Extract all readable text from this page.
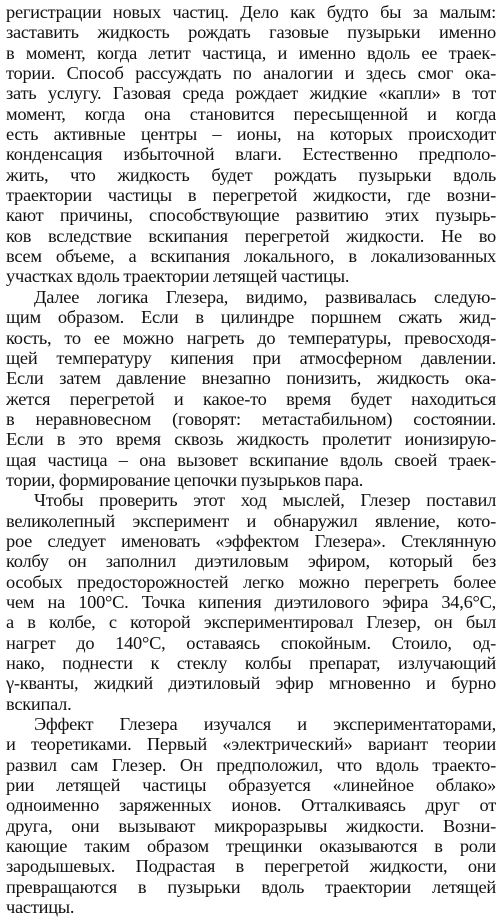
регистрации новых частиц. Дело как будто бы за малым:
заставить жидкость рождать газовые пузырьки именно
в момент, когда летит частица, и именно вдоль ее траек-
тории. Способ рассуждать по аналогии и здесь смог ока-
зать услугу. Газовая среда рождает жидкие «капли» в тот
момент, когда она становится пересыщенной и когда
есть активные центры – ионы, на которых происходит
конденсация избыточной влаги. Естественно предполо-
жить, что жидкость будет рождать пузырьки вдоль
траектории частицы в перегретой жидкости, где возни-
кают причины, способствующие развитию этих пузырь-
ков вследствие вскипания перегретой жидкости. Не во
всем объеме, а вскипания локального, в локализованных
участках вдоль траектории летящей частицы.

Далее логика Глезера, видимо, развивалась следую-
щим образом. Если в цилиндре поршнем сжать жид-
кость, то ее можно нагреть до температуры, превосходя-
щей температуру кипения при атмосферном давлении.
Если затем давление внезапно понизить, жидкость ока-
жется перегретой и какое-то время будет находиться
в неравновесном (говорят: метастабильном) состоянии.
Если в это время сквозь жидкость пролетит ионизирую-
щая частица – она вызовет вскипание вдоль своей траек-
тории, формирование цепочки пузырьков пара.

Чтобы проверить этот ход мыслей, Глезер поставил
великолепный эксперимент и обнаружил явление, кото-
рое следует именовать «эффектом Глезера». Стеклянную
колбу он заполнил диэтиловым эфиром, который без
особых предосторожностей легко можно перегреть более
чем на 100°С. Точка кипения диэтилового эфира 34,6°С,
а в колбе, с которой экспериментировал Глезер, он был
нагрет до 140°С, оставаясь спокойным. Стоило, од-
нако, поднести к стеклу колбы препарат, излучающий
γ-кванты, жидкий диэтиловый эфир мгновенно и бурно
вскипал.

Эффект Глезера изучался и экспериментаторами,
и теоретиками. Первый «электрический» вариант теории
развил сам Глезер. Он предположил, что вдоль траекто-
рии летящей частицы образуется «линейное облако»
одноименно заряженных ионов. Отталкиваясь друг от
друга, они вызывают микроразрывы жидкости. Возни-
кающие таким образом трещинки оказываются в роли
зародышевых. Подрастая в перегретой жидкости, они
превращаются в пузырьки вдоль траектории летящей
частицы.
